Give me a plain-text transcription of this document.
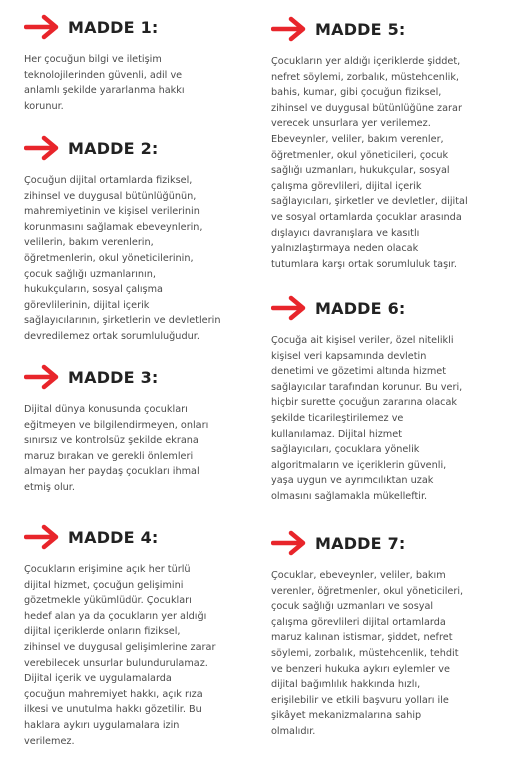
MADDE 1:
Her çocuğun bilgi ve iletişim
teknolojilerinden güvenli, adil ve
anlamlı şekilde yararlanma hakkı
korunur.
MADDE 2:
Çocuğun dijital ortamlarda fiziksel,
zihinsel ve duygusal bütünlüğünün,
mahremiyetinin ve kişisel verilerinin
korunmasını sağlamak ebeveynlerin,
velilerin, bakım verenlerin,
öğretmenlerin, okul yöneticilerinin,
çocuk sağlığı uzmanlarının,
hukukçuların, sosyal çalışma
görevlilerinin, dijital içerik
sağlayıcılarının, şirketlerin ve devletlerin
devredilemez ortak sorumluluğudur.
MADDE 3:
Dijital dünya konusunda çocukları
eğitmeyen ve bilgilendirmeyen, onları
sınırsız ve kontrolsüz şekilde ekrana
maruz bırakan ve gerekli önlemleri
almayan her paydaş çocukları ihmal
etmiş olur.
MADDE 4:
Çocukların erişimine açık her türlü
dijital hizmet, çocuğun gelişimini
gözetmekle yükümlüdür. Çocukları
hedef alan ya da çocukların yer aldığı
dijital içeriklerde onların fiziksel,
zihinsel ve duygusal gelişimlerine zarar
verebilecek unsurlar bulundurulamaz.
Dijital içerik ve uygulamalarda
çocuğun mahremiyet hakkı, açık rıza
ilkesi ve unutulma hakkı gözetilir. Bu
haklara aykırı uygulamalara izin
verilemez.
MADDE 5:
Çocukların yer aldığı içeriklerde şiddet,
nefret söylemi, zorbalık, müstehcenlik,
bahis, kumar, gibi çocuğun fiziksel,
zihinsel ve duygusal bütünlüğüne zarar
verecek unsurlara yer verilemez.
Ebeveynler, veliler, bakım verenler,
öğretmenler, okul yöneticileri, çocuk
sağlığı uzmanları, hukukçular, sosyal
çalışma görevlileri, dijital içerik
sağlayıcıları, şirketler ve devletler, dijital
ve sosyal ortamlarda çocuklar arasında
dışlayıcı davranışlara ve kasıtlı
yalnızlaştırmaya neden olacak
tutumlara karşı ortak sorumluluk taşır.
MADDE 6:
Çocuğa ait kişisel veriler, özel nitelikli
kişisel veri kapsamında devletin
denetimi ve gözetimi altında hizmet
sağlayıcılar tarafından korunur. Bu veri,
hiçbir surette çocuğun zararına olacak
şekilde ticarileştirilemez ve
kullanılamaz. Dijital hizmet
sağlayıcıları, çocuklara yönelik
algoritmaların ve içeriklerin güvenli,
yaşa uygun ve ayrımcılıktan uzak
olmasını sağlamakla mükelleftir.
MADDE 7:
Çocuklar, ebeveynler, veliler, bakım
verenler, öğretmenler, okul yöneticileri,
çocuk sağlığı uzmanları ve sosyal
çalışma görevlileri dijital ortamlarda
maruz kalınan istismar, şiddet, nefret
söylemi, zorbalık, müstehcenlik, tehdit
ve benzeri hukuka aykırı eylemler ve
dijital bağımlılık hakkında hızlı,
erişilebilir ve etkili başvuru yolları ile
şikâyet mekanizmalarına sahip
olmalıdır.
